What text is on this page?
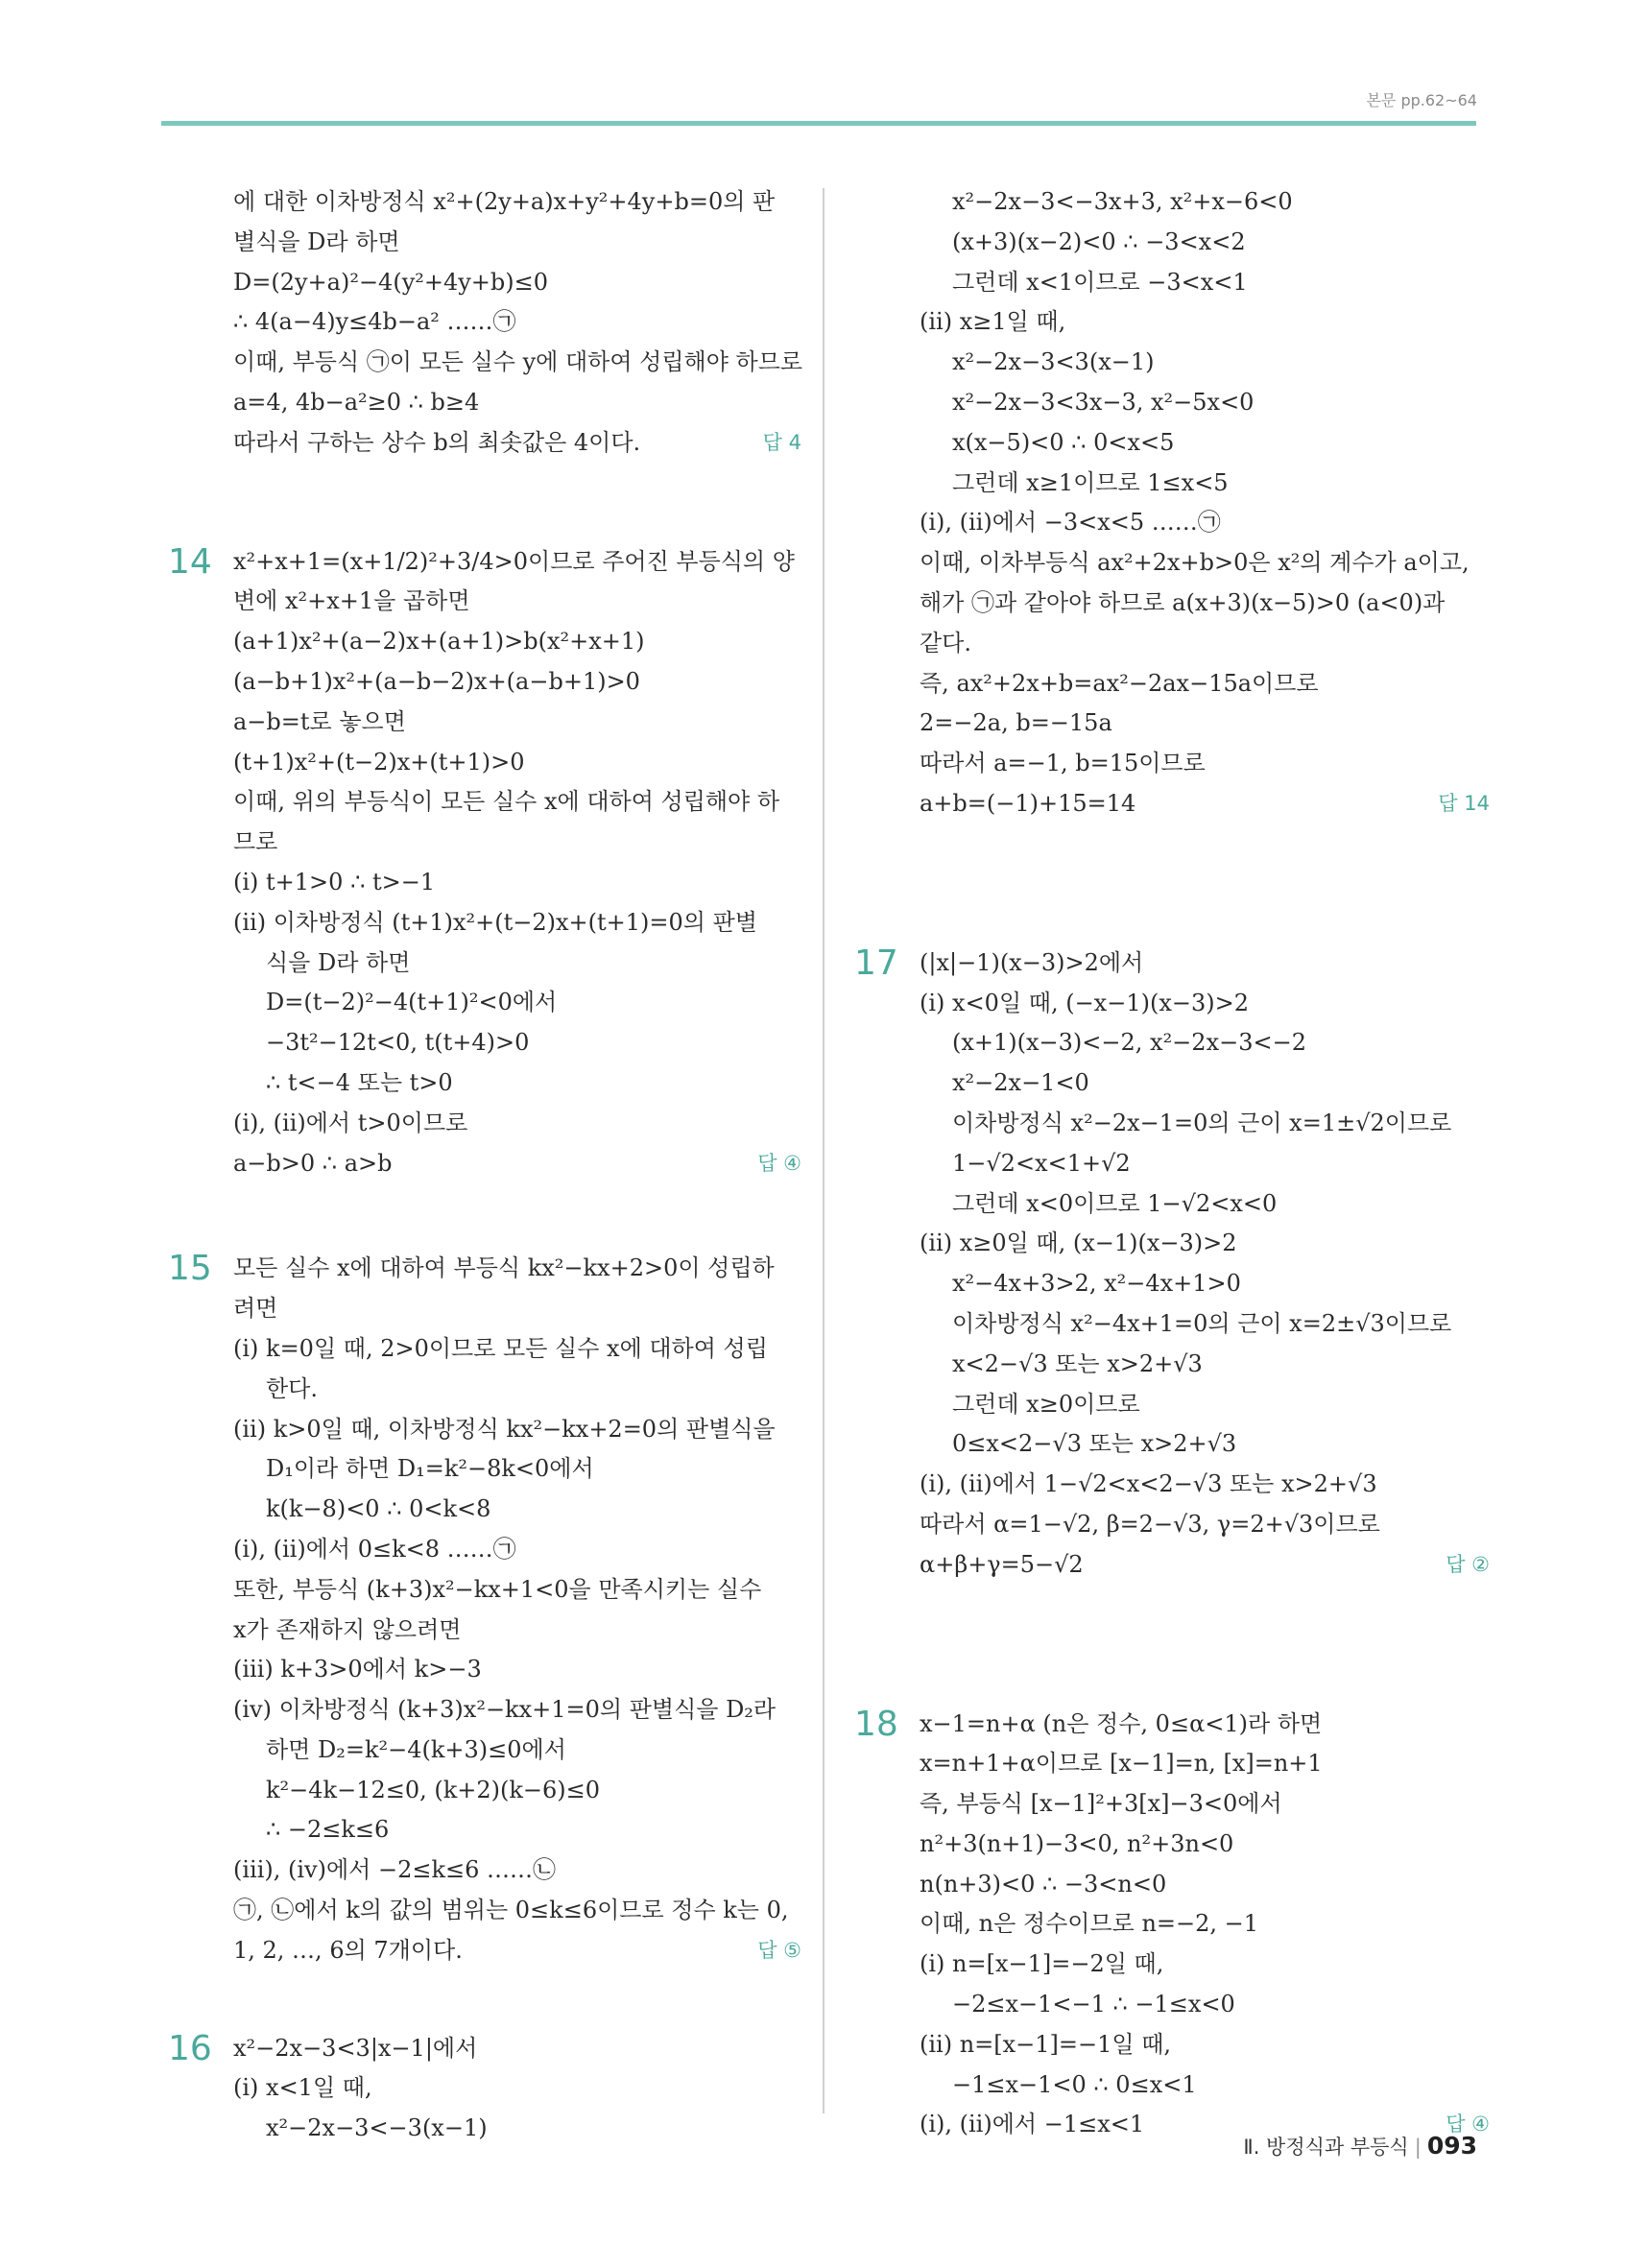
본문 pp.62~64
에 대한 이차방정식 x²+(2y+a)x+y²+4y+b=0의 판
별식을 D라 하면
D=(2y+a)²−4(y²+4y+b)≤0
∴ 4(a−4)y≤4b−a² ……㉠
이때, 부등식 ㉠이 모든 실수 y에 대하여 성립해야 하므로
a=4, 4b−a²≥0 ∴ b≥4
따라서 구하는 상수 b의 최솟값은 4이다.	답 4
14 x²+x+1=(x+1/2)²+3/4>0이므로 주어진 부등식의 양
변에 x²+x+1을 곱하면
(a+1)x²+(a−2)x+(a+1)>b(x²+x+1)
(a−b+1)x²+(a−b−2)x+(a−b+1)>0
a−b=t로 놓으면
(t+1)x²+(t−2)x+(t+1)>0
이때, 위의 부등식이 모든 실수 x에 대하여 성립해야 하
므로
(ⅰ) t+1>0 ∴ t>−1
(ⅱ) 이차방정식 (t+1)x²+(t−2)x+(t+1)=0의 판별
식을 D라 하면
D=(t−2)²−4(t+1)²<0에서
−3t²−12t<0, t(t+4)>0
∴ t<−4 또는 t>0
(ⅰ), (ⅱ)에서 t>0이므로
a−b>0 ∴ a>b	답 ④
15 모든 실수 x에 대하여 부등식 kx²−kx+2>0이 성립하
려면
(ⅰ) k=0일 때, 2>0이므로 모든 실수 x에 대하여 성립
한다.
(ⅱ) k>0일 때, 이차방정식 kx²−kx+2=0의 판별식을
D₁이라 하면 D₁=k²−8k<0에서
k(k−8)<0 ∴ 0<k<8
(ⅰ), (ⅱ)에서 0≤k<8 ……㉠
또한, 부등식 (k+3)x²−kx+1<0을 만족시키는 실수
x가 존재하지 않으려면
(ⅲ) k+3>0에서 k>−3
(ⅳ) 이차방정식 (k+3)x²−kx+1=0의 판별식을 D₂라
하면 D₂=k²−4(k+3)≤0에서
k²−4k−12≤0, (k+2)(k−6)≤0
∴ −2≤k≤6
(ⅲ), (ⅳ)에서 −2≤k≤6 ……㉡
㉠, ㉡에서 k의 값의 범위는 0≤k≤6이므로 정수 k는 0,
1, 2, …, 6의 7개이다.	답 ⑤
16 x²−2x−3<3|x−1|에서
(ⅰ) x<1일 때,
x²−2x−3<−3(x−1)
x²−2x−3<−3x+3, x²+x−6<0
(x+3)(x−2)<0 ∴ −3<x<2
그런데 x<1이므로 −3<x<1
(ⅱ) x≥1일 때,
x²−2x−3<3(x−1)
x²−2x−3<3x−3, x²−5x<0
x(x−5)<0 ∴ 0<x<5
그런데 x≥1이므로 1≤x<5
(ⅰ), (ⅱ)에서 −3<x<5 ……㉠
이때, 이차부등식 ax²+2x+b>0은 x²의 계수가 a이고,
해가 ㉠과 같아야 하므로 a(x+3)(x−5)>0 (a<0)과
같다.
즉, ax²+2x+b=ax²−2ax−15a이므로
2=−2a, b=−15a
따라서 a=−1, b=15이므로
a+b=(−1)+15=14	답 14
17 (|x|−1)(x−3)>2에서
(ⅰ) x<0일 때, (−x−1)(x−3)>2
(x+1)(x−3)<−2, x²−2x−3<−2
x²−2x−1<0
이차방정식 x²−2x−1=0의 근이 x=1±√2이므로
1−√2<x<1+√2
그런데 x<0이므로 1−√2<x<0
(ⅱ) x≥0일 때, (x−1)(x−3)>2
x²−4x+3>2, x²−4x+1>0
이차방정식 x²−4x+1=0의 근이 x=2±√3이므로
x<2−√3 또는 x>2+√3
그런데 x≥0이므로
0≤x<2−√3 또는 x>2+√3
(ⅰ), (ⅱ)에서 1−√2<x<2−√3 또는 x>2+√3
따라서 α=1−√2, β=2−√3, γ=2+√3이므로
α+β+γ=5−√2	답 ②
18 x−1=n+α (n은 정수, 0≤α<1)라 하면
x=n+1+α이므로 [x−1]=n, [x]=n+1
즉, 부등식 [x−1]²+3[x]−3<0에서
n²+3(n+1)−3<0, n²+3n<0
n(n+3)<0 ∴ −3<n<0
이때, n은 정수이므로 n=−2, −1
(ⅰ) n=[x−1]=−2일 때,
−2≤x−1<−1 ∴ −1≤x<0
(ⅱ) n=[x−1]=−1일 때,
−1≤x−1<0 ∴ 0≤x<1
(ⅰ), (ⅱ)에서 −1≤x<1	답 ④
Ⅱ. 방정식과 부등식 | 093
